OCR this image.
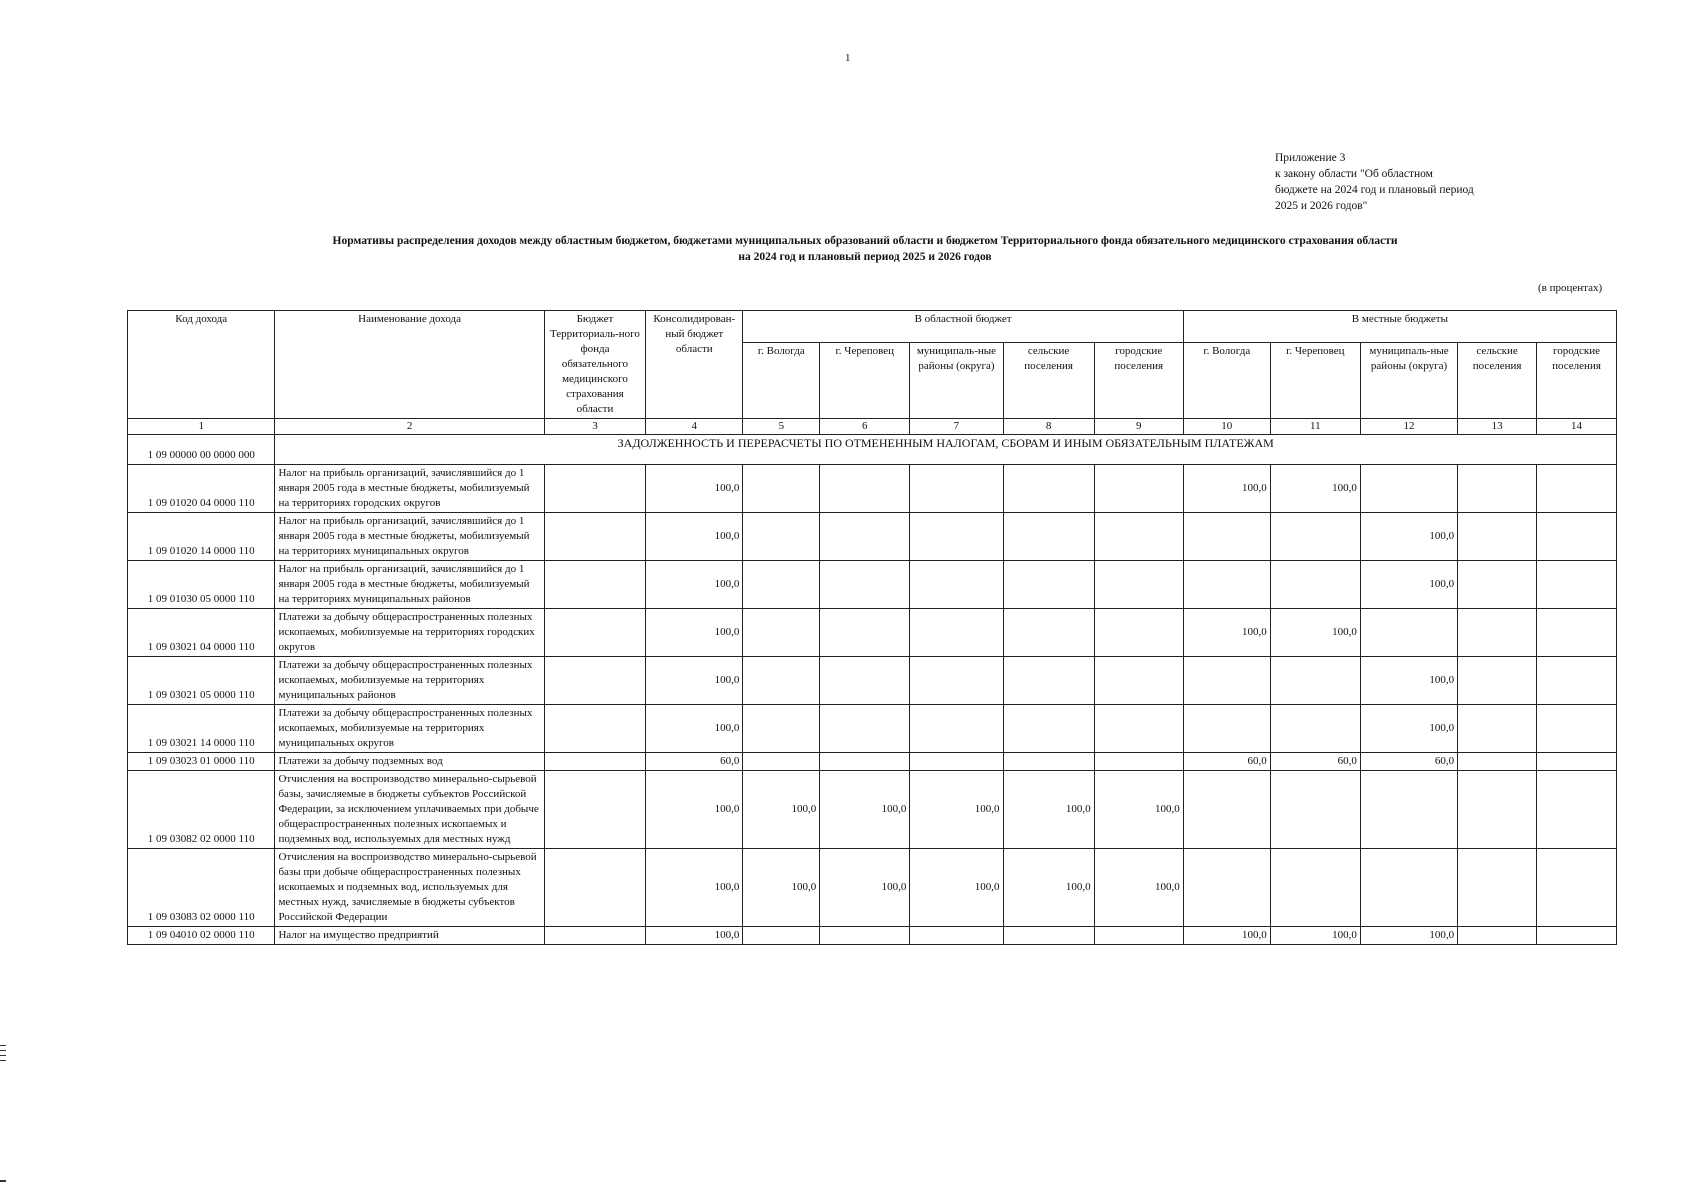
1
Приложение 3
к закону области "Об областном
бюджете на 2024 год и плановый период
2025 и 2026 годов"
Нормативы распределения доходов между областным бюджетом, бюджетами муниципальных образований области и бюджетом Территориального фонда обязательного медицинского страхования области
на 2024 год и плановый период 2025 и 2026 годов
(в процентах)
Код дохода	Наименование дохода	Бюджет Территориаль-ного фонда обязательного медицинского страхования области	Консолидирован-ный бюджет области	В областной бюджет					В местные бюджеты				
				г. Вологда	г. Череповец	муниципаль-ные районы (округа)	сельские поселения	городские поселения	г. Вологда	г. Череповец	муниципаль-ные районы (округа)	сельские поселения	городские поселения
1	2	3	4	5	6	7	8	9	10	11	12	13	14
1 09 00000 00 0000 000	ЗАДОЛЖЕННОСТЬ И ПЕРЕРАСЧЕТЫ ПО ОТМЕНЕННЫМ НАЛОГАМ, СБОРАМ И ИНЫМ ОБЯЗАТЕЛЬНЫМ ПЛАТЕЖАМ												
1 09 01020 04 0000 110	Налог на прибыль организаций, зачислявшийся до 1 января 2005 года в местные бюджеты, мобилизуемый на территориях городских округов		100,0						100,0	100,0			
1 09 01020 14 0000 110	Налог на прибыль организаций, зачислявшийся до 1 января 2005 года в местные бюджеты, мобилизуемый на территориях муниципальных округов		100,0								100,0		
1 09 01030 05 0000 110	Налог на прибыль организаций, зачислявшийся до 1 января 2005 года в местные бюджеты, мобилизуемый на территориях муниципальных районов		100,0								100,0		
1 09 03021 04 0000 110	Платежи за добычу общераспространенных полезных ископаемых, мобилизуемые на территориях городских округов		100,0						100,0	100,0			
1 09 03021 05 0000 110	Платежи за добычу общераспространенных полезных ископаемых, мобилизуемые на территориях муниципальных районов		100,0								100,0		
1 09 03021 14 0000 110	Платежи за добычу общераспространенных полезных ископаемых, мобилизуемые на территориях муниципальных округов		100,0								100,0		
1 09 03023 01 0000 110	Платежи за добычу подземных вод		60,0						60,0	60,0	60,0		
1 09 03082 02 0000 110	Отчисления на воспроизводство минерально-сырьевой базы, зачисляемые в бюджеты субъектов Российской Федерации, за исключением уплачиваемых при добыче общераспространенных полезных ископаемых и подземных вод, используемых для местных нужд		100,0	100,0	100,0	100,0	100,0	100,0					
1 09 03083 02 0000 110	Отчисления на воспроизводство минерально-сырьевой базы при добыче общераспространенных полезных ископаемых и подземных вод, используемых для местных нужд, зачисляемые в бюджеты субъектов Российской Федерации		100,0	100,0	100,0	100,0	100,0	100,0					
1 09 04010 02 0000 110	Налог на имущество предприятий		100,0						100,0	100,0	100,0		
